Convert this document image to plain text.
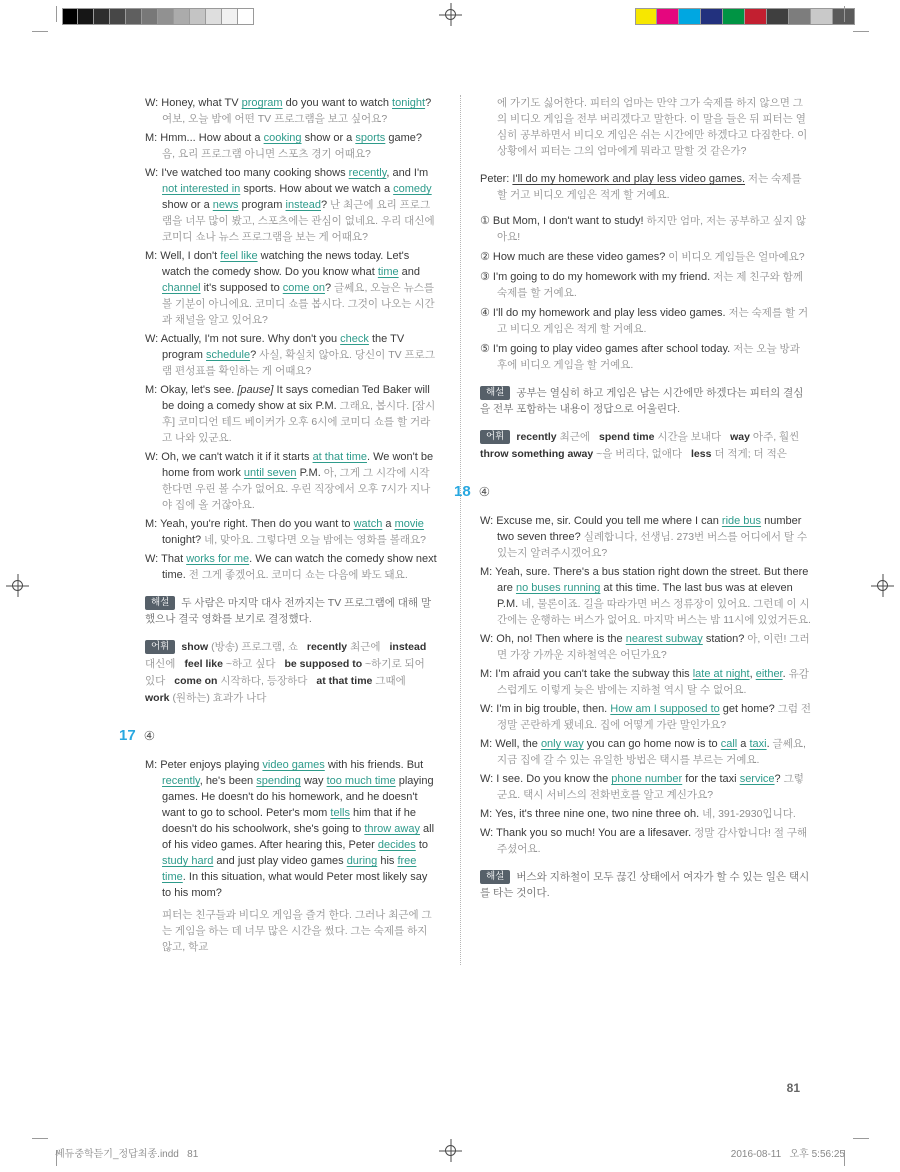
W: Honey, what TV program do you want to watch tonight? 여보, 오늘 밤에 어떤 TV 프로그램을 보고 싶어요?

M: Hmm... How about a cooking show or a sports game? 음, 요리 프로그램 아니면 스포츠 경기 어때요?

W: I've watched too many cooking shows recently, and I'm not interested in sports. How about we watch a comedy show or a news program instead? 난 최근에 요리 프로그램을 너무 많이 봤고, 스포츠에는 관심이 없네요. 우리 대신에 코미디 쇼나 뉴스 프로그램을 보는 게 어때요?

M: Well, I don't feel like watching the news today. Let's watch the comedy show. Do you know what time and channel it's supposed to come on? 글쎄요, 오늘은 뉴스를 볼 기분이 아니에요. 코미디 쇼를 봅시다. 그것이 나오는 시간과 채널을 알고 있어요?

W: Actually, I'm not sure. Why don't you check the TV program schedule? 사실, 확실치 않아요. 당신이 TV 프로그램 편성표를 확인하는 게 어때요?

M: Okay, let's see. [pause] It says comedian Ted Baker will be doing a comedy show at six P.M. 그래요, 봅시다. [잠시 후] 코미디언 테드 베이커가 오후 6시에 코미디 쇼를 할 거라고 나와 있군요.

W: Oh, we can't watch it if it starts at that time. We won't be home from work until seven P.M. 아, 그게 그 시각에 시작한다면 우린 볼 수가 없어요. 우린 직장에서 오후 7시가 지나야 집에 올 거잖아요.

M: Yeah, you're right. Then do you want to watch a movie tonight? 네, 맞아요. 그렇다면 오늘 밤에는 영화를 볼래요?

W: That works for me. We can watch the comedy show next time. 전 그게 좋겠어요. 코미디 쇼는 다음에 봐도 돼요.

해설 두 사람은 마지막 대사 전까지는 TV 프로그램에 대해 말했으나 결국 영화를 보기로 결정했다.

어휘 show (방송) 프로그램, 쇼 recently 최근에 instead 대신에 feel like ~하고 싶다 be supposed to ~하기로 되어 있다 come on 시작하다, 등장하다 at that time 그때에work (원하는) 효과가 나다

17 ④

M: Peter enjoys playing video games with his friends. But recently, he's been spending way too much time playing games. He doesn't do his homework, and he doesn't want to go to school. Peter's mom tells him that if he doesn't do his schoolwork, she's going to throw away all of his video games. After hearing this, Peter decides to study hard and just play video games during his free time. In this situation, what would Peter most likely say to his mom?

피터는 친구들과 비디오 게임을 즐겨 한다. 그러나 최근에 그는 게임을 하는 데 너무 많은 시간을 썼다. 그는 숙제를 하지 않고, 학교

에 가기도 싫어한다. 피터의 엄마는 만약 그가 숙제를 하지 않으면 그의 비디오 게임을 전부 버리겠다고 말한다. 이 말을 들은 뒤 피터는 열심히 공부하면서 비디오 게임은 쉬는 시간에만 하겠다고 다짐한다. 이 상황에서 피터는 그의 엄마에게 뭐라고 말할 것 같은가?

Peter: I'll do my homework and play less video games. 저는 숙제를 할 거고 비디오 게임은 적게 할 거예요.

① But Mom, I don't want to study! 하지만 엄마, 저는 공부하고 싶지 않아요!

② How much are these video games? 이 비디오 게임들은 얼마예요?

③ I'm going to do my homework with my friend. 저는 제 친구와 함께 숙제를 할 거예요.

④ I'll do my homework and play less video games. 저는 숙제를 할 거고 비디오 게임은 적게 할 거예요.

⑤ I'm going to play video games after school today. 저는 오늘 방과 후에 비디오 게임을 할 거예요.

해설 공부는 열심히 하고 게임은 남는 시간에만 하겠다는 피터의 결심을 전부 포함하는 내용이 정답으로 어울린다.

어휘 recently 최근에 spend time 시간을 보내다 way 아주, 훨씬throw something away ~을 버리다, 없애다 less 더 적게; 더 적은

18 ④

W: Excuse me, sir. Could you tell me where I can ride bus number two seven three? 실례합니다, 선생님. 273번 버스를 어디에서 탈 수 있는지 알려주시겠어요?

M: Yeah, sure. There's a bus station right down the street. But there are no buses running at this time. The last bus was at eleven P.M. 네, 물론이죠. 길을 따라가면 버스 정류장이 있어요. 그런데 이 시간에는 운행하는 버스가 없어요. 마지막 버스는 밤 11시에 있었거든요.

W: Oh, no! Then where is the nearest subway station? 아, 이런! 그러면 가장 가까운 지하철역은 어딘가요?

M: I'm afraid you can't take the subway this late at night, either. 유감스럽게도 이렇게 늦은 밤에는 지하철 역시 탈 수 없어요.

W: I'm in big trouble, then. How am I supposed to get home? 그럼 전 정말 곤란하게 됐네요. 집에 어떻게 가란 말인가요?

M: Well, the only way you can go home now is to call a taxi. 글쎄요, 지금 집에 갈 수 있는 유일한 방법은 택시를 부르는 거예요.

W: I see. Do you know the phone number for the taxi service? 그렇군요. 택시 서비스의 전화번호를 알고 계신가요?

M: Yes, it's three nine one, two nine three oh. 네, 391-2930입니다.

W: Thank you so much! You are a lifesaver. 정말 감사합니다! 절 구해 주셨어요.

해설 버스와 지하철이 모두 끊긴 상태에서 여자가 할 수 있는 일은 택시를 타는 것이다.

81
쎄듀중학듣기_정답최종.indd   81	2016-08-11   오후 5:56:25
